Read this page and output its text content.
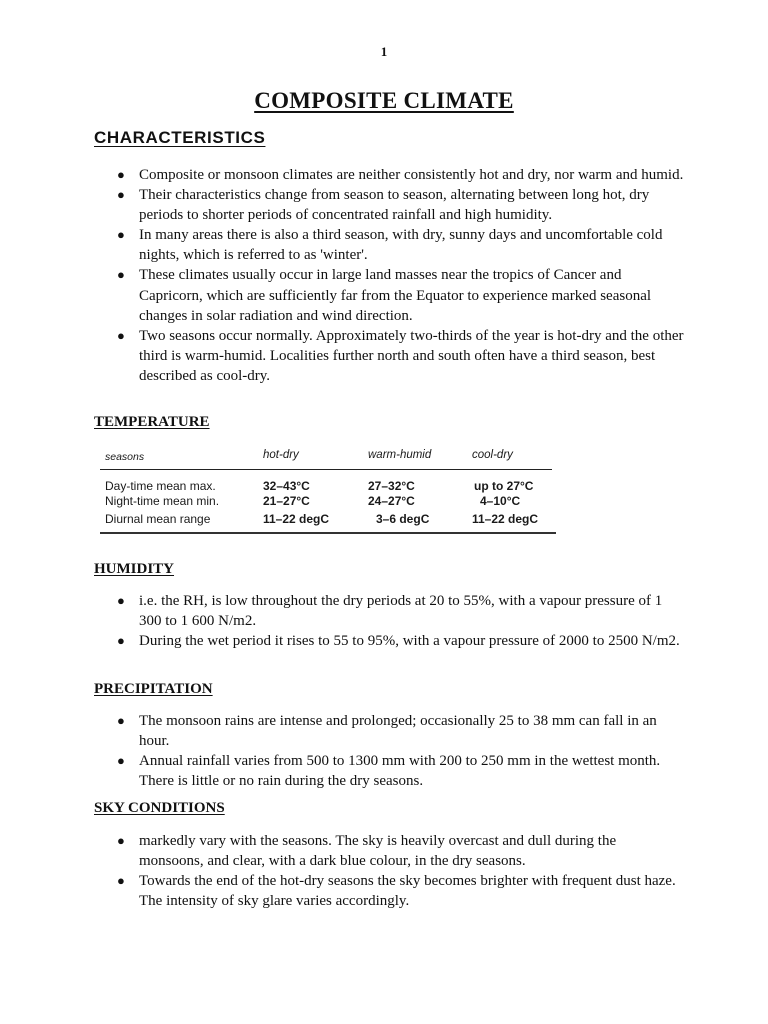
1
COMPOSITE CLIMATE
CHARACTERISTICS
● Composite or monsoon climates are neither consistently hot and dry, nor warm and humid.
● Their characteristics change from season to season, alternating between long hot, dry periods to shorter periods of concentrated rainfall and high humidity.
● In many areas there is also a third season, with dry, sunny days and uncomfortable cold nights, which is referred to as 'winter'.
● These climates usually occur in large land masses near the tropics of Cancer and Capricorn, which are sufficiently far from the Equator to experience marked seasonal changes in solar radiation and wind direction.
● Two seasons occur normally. Approximately two-thirds of the year is hot-dry and the other third is warm-humid. Localities further north and south often have a third season, best described as cool-dry.
TEMPERATURE
seasons	hot-dry	warm-humid	cool-dry
Day-time mean max.	32–43°C	27–32°C	up to 27°C
Night-time mean min.	21–27°C	24–27°C	4–10°C
Diurnal mean range	11–22 degC	3–6 degC	11–22 degC
HUMIDITY
● i.e. the RH, is low throughout the dry periods at 20 to 55%, with a vapour pressure of 1 300 to 1 600 N/m2.
● During the wet period it rises to 55 to 95%, with a vapour pressure of 2000 to 2500 N/m2.
PRECIPITATION
● The monsoon rains are intense and prolonged; occasionally 25 to 38 mm can fall in an hour.
● Annual rainfall varies from 500 to 1300 mm with 200 to 250 mm in the wettest month. There is little or no rain during the dry seasons.
SKY CONDITIONS
● markedly vary with the seasons. The sky is heavily overcast and dull during the monsoons, and clear, with a dark blue colour, in the dry seasons.
● Towards the end of the hot-dry seasons the sky becomes brighter with frequent dust haze. The intensity of sky glare varies accordingly.
